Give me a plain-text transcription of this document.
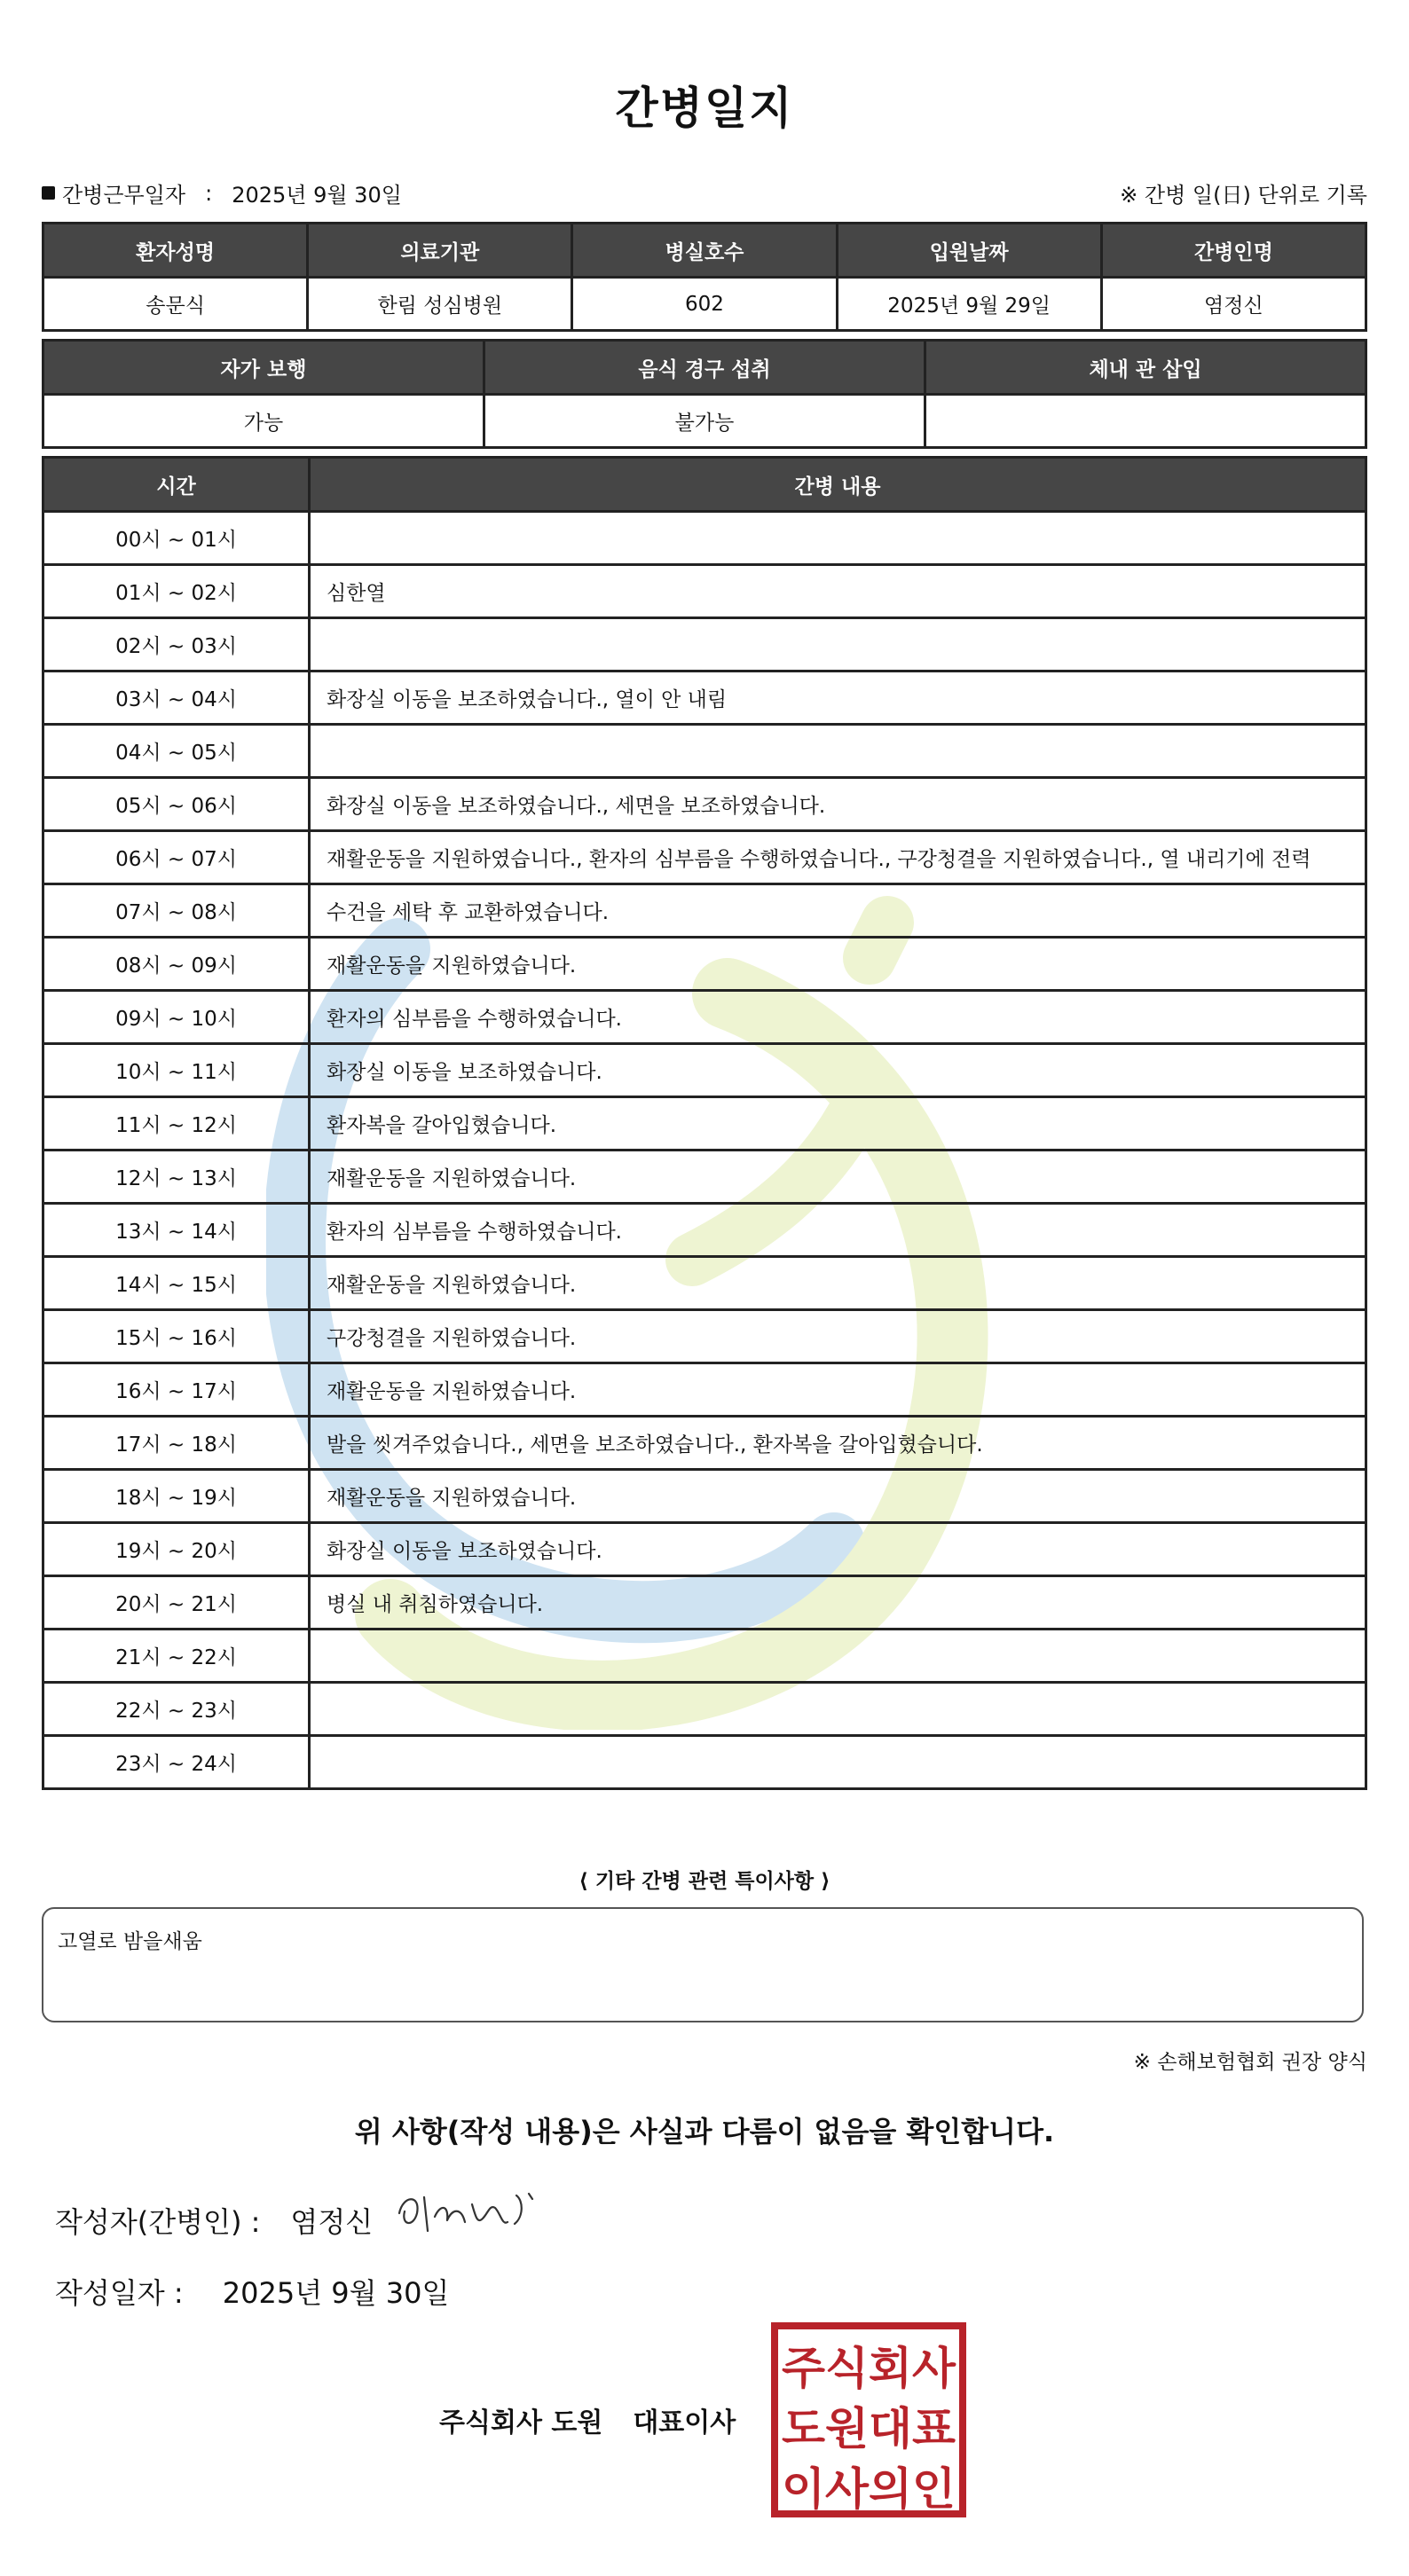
간병일지
간병근무일자 : 2025년 9월 30일	※ 간병 일(日) 단위로 기록
환자성명	의료기관	병실호수	입원날짜	간병인명
송문식	한림 성심병원	602	2025년 9월 29일	염정신
자가 보행	음식 경구 섭취	체내 관 삽입
가능	불가능	
시간	간병 내용
00시 ~ 01시	
01시 ~ 02시	심한열
02시 ~ 03시	
03시 ~ 04시	화장실 이동을 보조하였습니다., 열이 안 내림
04시 ~ 05시	
05시 ~ 06시	화장실 이동을 보조하였습니다., 세면을 보조하였습니다.
06시 ~ 07시	재활운동을 지원하였습니다., 환자의 심부름을 수행하였습니다., 구강청결을 지원하였습니다., 열 내리기에 전력
07시 ~ 08시	수건을 세탁 후 교환하였습니다.
08시 ~ 09시	재활운동을 지원하였습니다.
09시 ~ 10시	환자의 심부름을 수행하였습니다.
10시 ~ 11시	화장실 이동을 보조하였습니다.
11시 ~ 12시	환자복을 갈아입혔습니다.
12시 ~ 13시	재활운동을 지원하였습니다.
13시 ~ 14시	환자의 심부름을 수행하였습니다.
14시 ~ 15시	재활운동을 지원하였습니다.
15시 ~ 16시	구강청결을 지원하였습니다.
16시 ~ 17시	재활운동을 지원하였습니다.
17시 ~ 18시	발을 씻겨주었습니다., 세면을 보조하였습니다., 환자복을 갈아입혔습니다.
18시 ~ 19시	재활운동을 지원하였습니다.
19시 ~ 20시	화장실 이동을 보조하였습니다.
20시 ~ 21시	병실 내 취침하였습니다.
21시 ~ 22시	
22시 ~ 23시	
23시 ~ 24시	
⟨ 기타 간병 관련 특이사항 ⟩
고열로 밤을새움
※ 손해보험협회 권장 양식
위 사항(작성 내용)은 사실과 다름이 없음을 확인합니다.
작성자(간병인) : 염정신
작성일자 : 2025년 9월 30일
주식회사 도원 대표이사
주식회사
도원대표
이사의인
